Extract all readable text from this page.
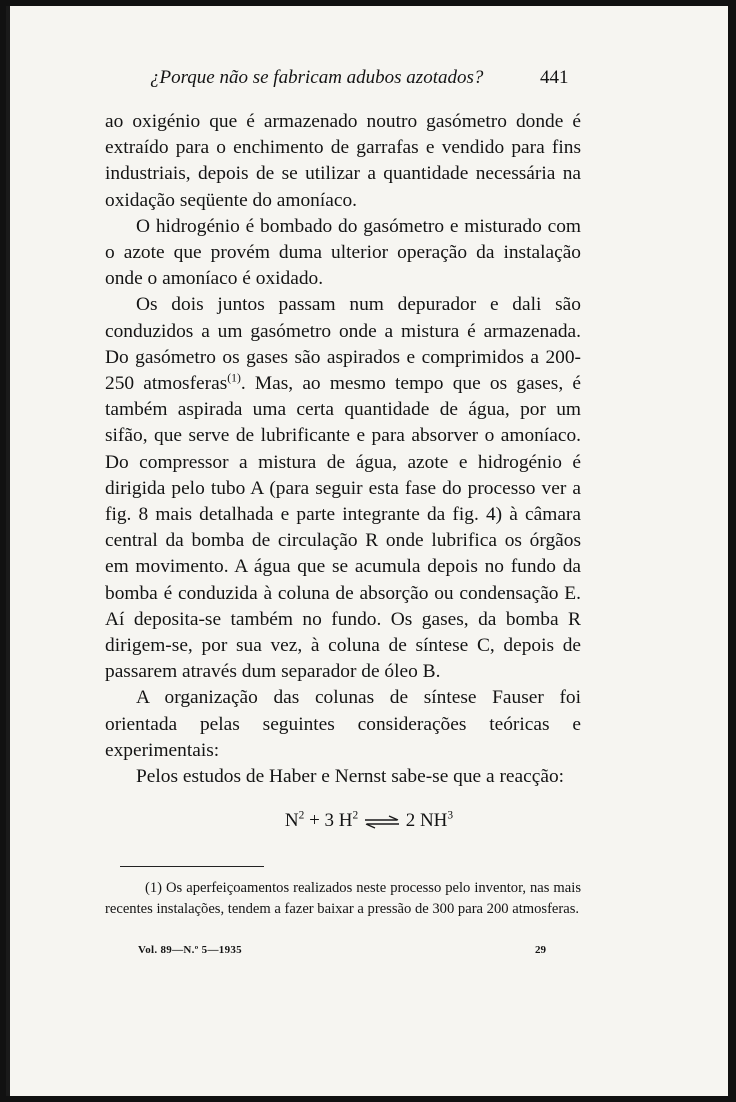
¿Porque não se fabricam adubos azotados?	441

ao oxigénio que é armazenado noutro gasómetro donde é extraído para o enchimento de garrafas e vendido para fins industriais, depois de se utilizar a quantidade necessária na oxidação seqüente do amoníaco.

O hidrogénio é bombado do gasómetro e misturado com o azote que provém duma ulterior operação da instalação onde o amoníaco é oxidado.

Os dois juntos passam num depurador e dali são conduzidos a um gasómetro onde a mistura é armazenada. Do gasómetro os gases são aspirados e comprimidos a 200-250 atmosferas$^{(1)}$. Mas, ao mesmo tempo que os gases, é também aspirada uma certa quantidade de água, por um sifão, que serve de lubrificante e para absorver o amoníaco. Do compressor a mistura de água, azote e hidrogénio é dirigida pelo tubo A (para seguir esta fase do processo ver a fig. 8 mais detalhada e parte integrante da fig. 4) à câmara central da bomba de circulação R onde lubrifica os órgãos em movimento. A água que se acumula depois no fundo da bomba é conduzida à coluna de absorção ou condensação E. Aí deposita-se também no fundo. Os gases, da bomba R dirigem-se, por sua vez, à coluna de síntese C, depois de passarem através dum separador de óleo B.

A organização das colunas de síntese Fauser foi orientada pelas seguintes considerações teóricas e experimentais:

Pelos estudos de Haber e Nernst sabe-se que a reacção:

$N^2 + 3$ $H^2$ ⇌ 2 $NH^3$

(1) Os aperfeiçoamentos realizados neste processo pelo inventor, nas mais recentes instalações, tendem a fazer baixar a pressão de 300 para 200 atmosferas.

Vol. 89—N.º 5—1935	29
